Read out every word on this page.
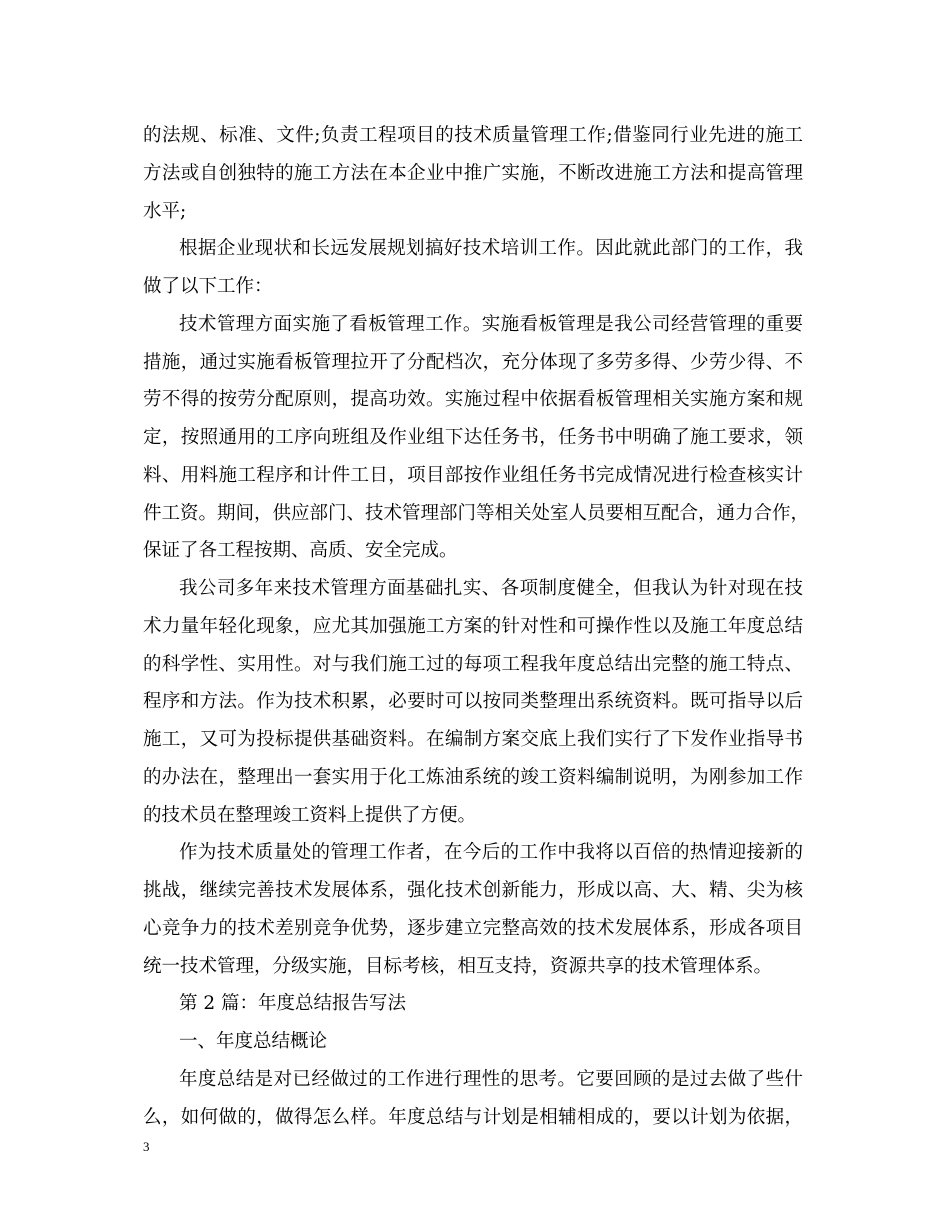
的法规、标准、文件;负责工程项目的技术质量管理工作;借鉴同行业先进的施工
方法或自创独特的施工方法在本企业中推广实施，不断改进施工方法和提高管理
水平;
根据企业现状和长远发展规划搞好技术培训工作。因此就此部门的工作，我
做了以下工作：
技术管理方面实施了看板管理工作。实施看板管理是我公司经营管理的重要
措施，通过实施看板管理拉开了分配档次，充分体现了多劳多得、少劳少得、不
劳不得的按劳分配原则，提高功效。实施过程中依据看板管理相关实施方案和规
定，按照通用的工序向班组及作业组下达任务书，任务书中明确了施工要求，领
料、用料施工程序和计件工日，项目部按作业组任务书完成情况进行检查核实计
件工资。期间，供应部门、技术管理部门等相关处室人员要相互配合，通力合作，
保证了各工程按期、高质、安全完成。
我公司多年来技术管理方面基础扎实、各项制度健全，但我认为针对现在技
术力量年轻化现象，应尤其加强施工方案的针对性和可操作性以及施工年度总结
的科学性、实用性。对与我们施工过的每项工程我年度总结出完整的施工特点、
程序和方法。作为技术积累，必要时可以按同类整理出系统资料。既可指导以后
施工，又可为投标提供基础资料。在编制方案交底上我们实行了下发作业指导书
的办法在，整理出一套实用于化工炼油系统的竣工资料编制说明，为刚参加工作
的技术员在整理竣工资料上提供了方便。
作为技术质量处的管理工作者，在今后的工作中我将以百倍的热情迎接新的
挑战，继续完善技术发展体系，强化技术创新能力，形成以高、大、精、尖为核
心竞争力的技术差别竞争优势，逐步建立完整高效的技术发展体系，形成各项目
统一技术管理，分级实施，目标考核，相互支持，资源共享的技术管理体系。
第 2 篇：年度总结报告写法
一、年度总结概论
年度总结是对已经做过的工作进行理性的思考。它要回顾的是过去做了些什
么，如何做的，做得怎么样。年度总结与计划是相辅相成的，要以计划为依据，
3
